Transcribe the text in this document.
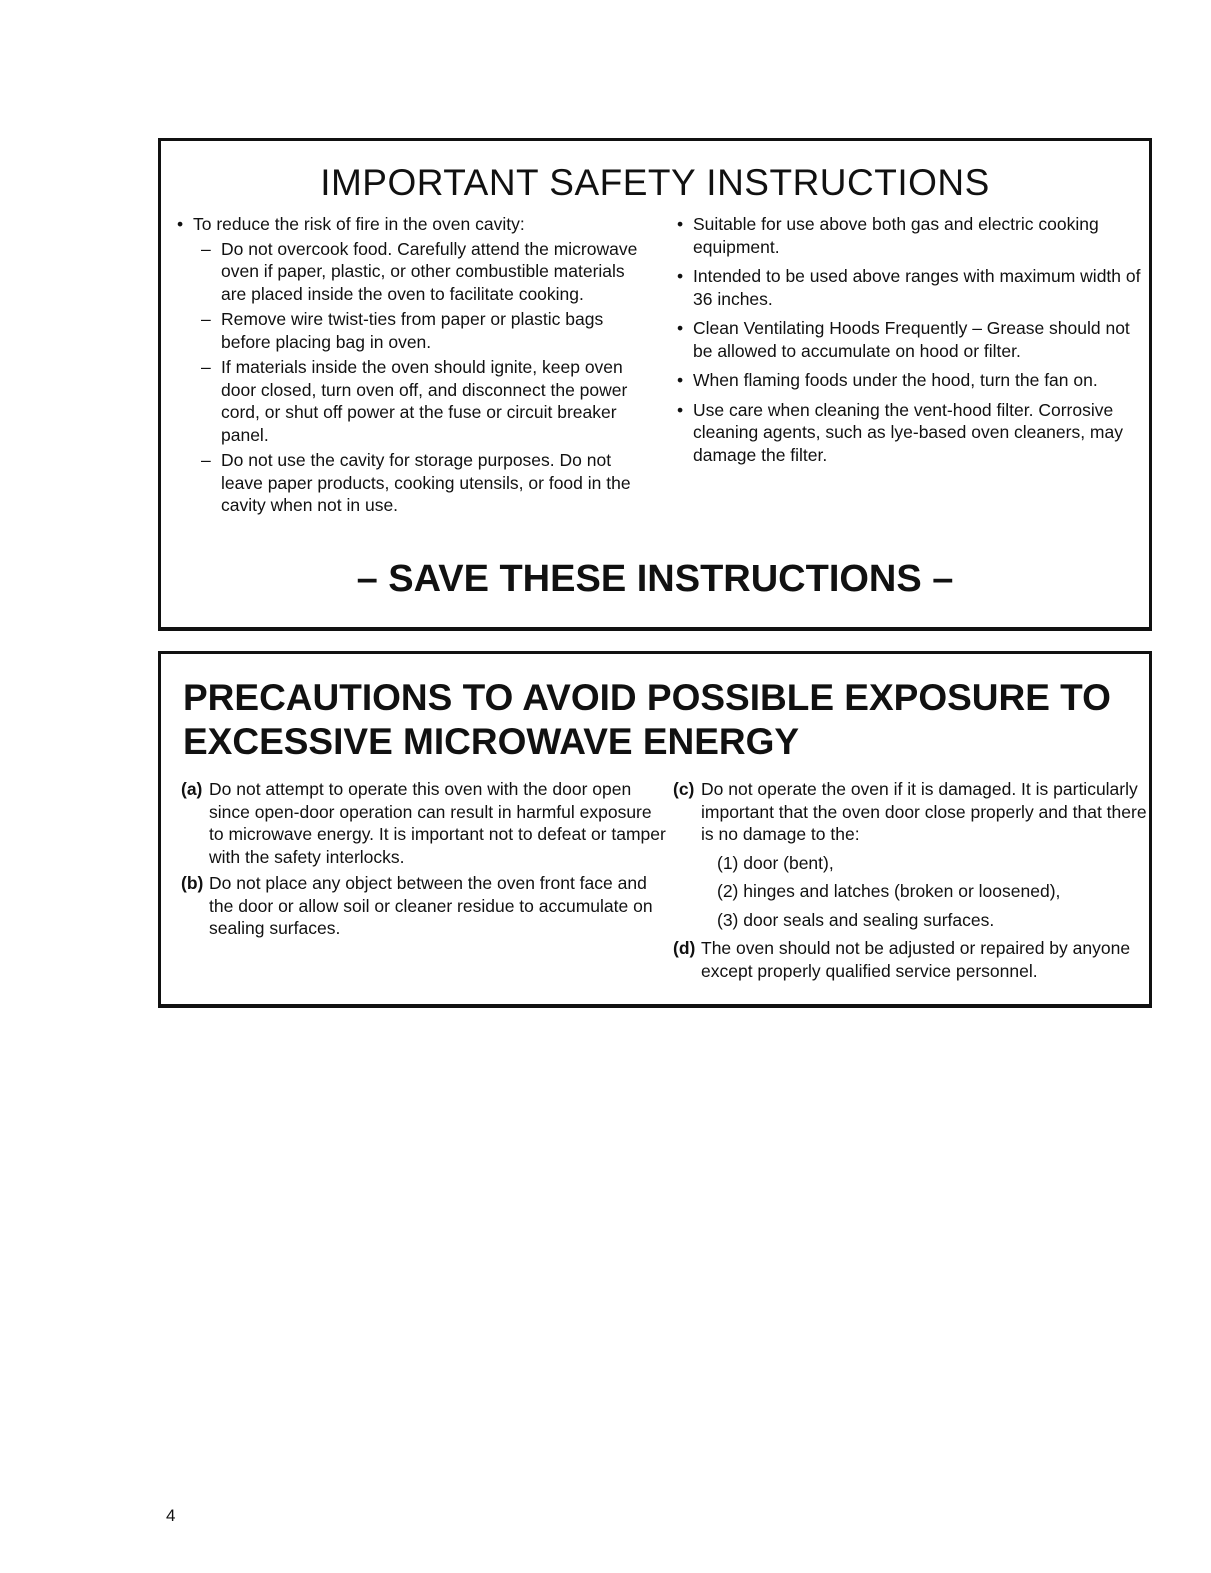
IMPORTANT SAFETY INSTRUCTIONS

• To reduce the risk of fire in the oven cavity:

– Do not overcook food. Carefully attend the microwave oven if paper, plastic, or other combustible materials are placed inside the oven to facilitate cooking.

– Remove wire twist-ties from paper or plastic bags before placing bag in oven.

– If materials inside the oven should ignite, keep oven door closed, turn oven off, and disconnect the power cord, or shut off power at the fuse or circuit breaker panel.

– Do not use the cavity for storage purposes. Do not leave paper products, cooking utensils, or food in the cavity when not in use.

• Suitable for use above both gas and electric cooking equipment.

• Intended to be used above ranges with maximum width of 36 inches.

• Clean Ventilating Hoods Frequently – Grease should not be allowed to accumulate on hood or filter.

• When flaming foods under the hood, turn the fan on.

• Use care when cleaning the vent-hood filter. Corrosive cleaning agents, such as lye-based oven cleaners, may damage the filter.

– SAVE THESE INSTRUCTIONS –
PRECAUTIONS TO AVOID POSSIBLE EXPOSURE TO EXCESSIVE MICROWAVE ENERGY

(a) Do not attempt to operate this oven with the door open since open-door operation can result in harmful exposure to microwave energy. It is important not to defeat or tamper with the safety interlocks.

(b) Do not place any object between the oven front face and the door or allow soil or cleaner residue to accumulate on sealing surfaces.

(c) Do not operate the oven if it is damaged. It is particularly important that the oven door close properly and that there is no damage to the:

(1) door (bent),

(2) hinges and latches (broken or loosened),

(3) door seals and sealing surfaces.

(d) The oven should not be adjusted or repaired by anyone except properly qualified service personnel.

4
